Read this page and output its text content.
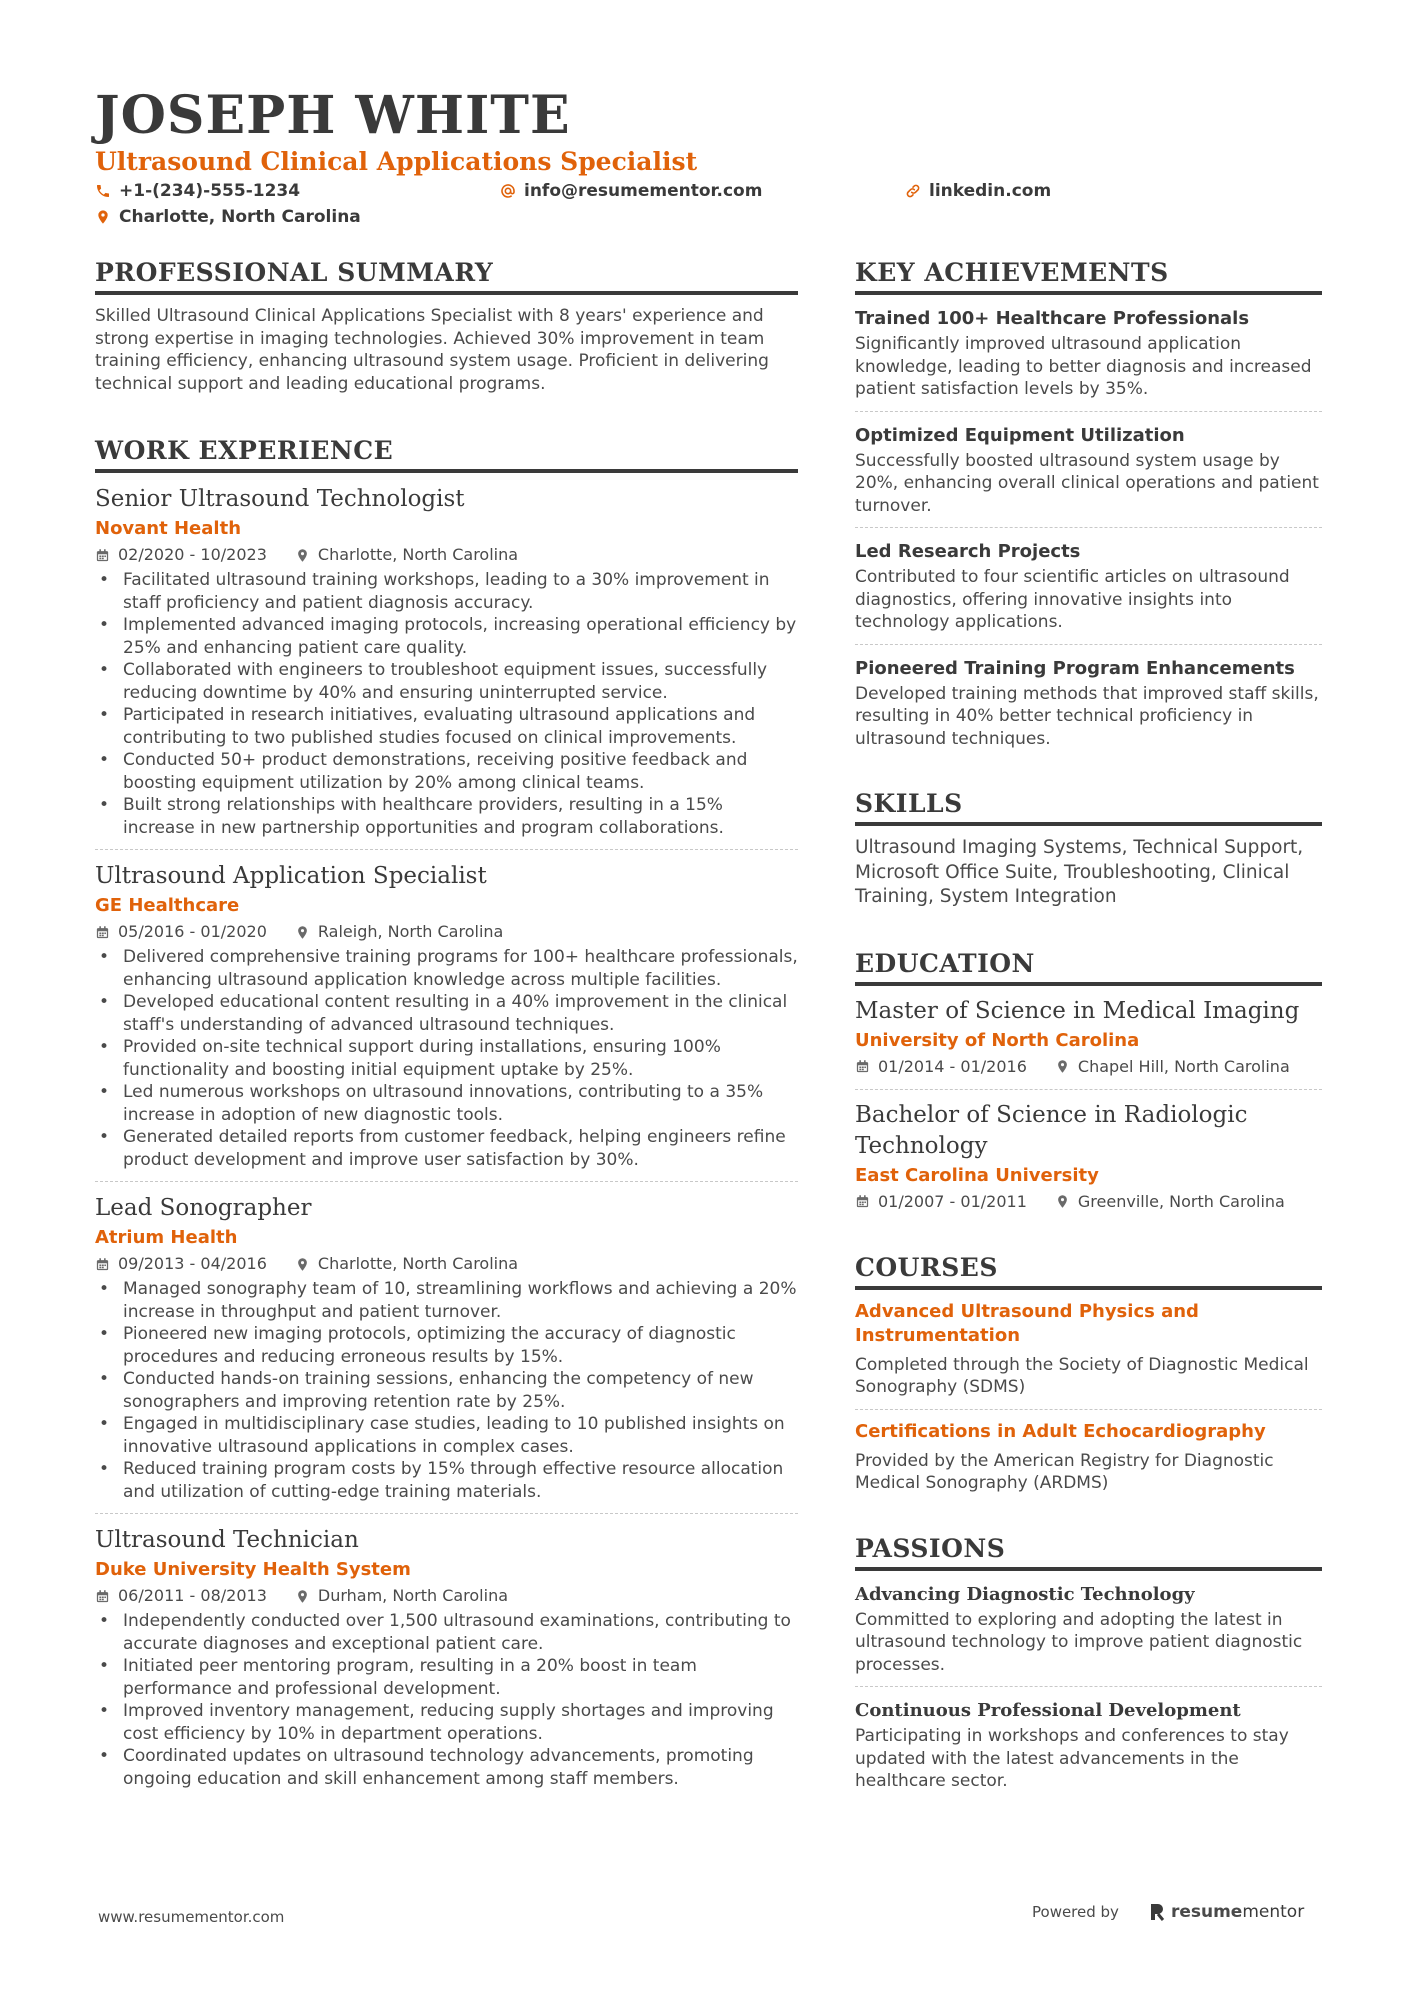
JOSEPH WHITE
Ultrasound Clinical Applications Specialist
+1-(234)-555-1234	info@resumementor.com	linkedin.com
Charlotte, North Carolina
PROFESSIONAL SUMMARY
Skilled Ultrasound Clinical Applications Specialist with 8 years' experience and strong expertise in imaging technologies. Achieved 30% improvement in team training efficiency, enhancing ultrasound system usage. Proficient in delivering technical support and leading educational programs.
WORK EXPERIENCE
Senior Ultrasound Technologist
Novant Health
02/2020 - 10/2023	Charlotte, North Carolina
• Facilitated ultrasound training workshops, leading to a 30% improvement in staff proficiency and patient diagnosis accuracy.
• Implemented advanced imaging protocols, increasing operational efficiency by 25% and enhancing patient care quality.
• Collaborated with engineers to troubleshoot equipment issues, successfully reducing downtime by 40% and ensuring uninterrupted service.
• Participated in research initiatives, evaluating ultrasound applications and contributing to two published studies focused on clinical improvements.
• Conducted 50+ product demonstrations, receiving positive feedback and boosting equipment utilization by 20% among clinical teams.
• Built strong relationships with healthcare providers, resulting in a 15% increase in new partnership opportunities and program collaborations.
Ultrasound Application Specialist
GE Healthcare
05/2016 - 01/2020	Raleigh, North Carolina
• Delivered comprehensive training programs for 100+ healthcare professionals, enhancing ultrasound application knowledge across multiple facilities.
• Developed educational content resulting in a 40% improvement in the clinical staff's understanding of advanced ultrasound techniques.
• Provided on-site technical support during installations, ensuring 100% functionality and boosting initial equipment uptake by 25%.
• Led numerous workshops on ultrasound innovations, contributing to a 35% increase in adoption of new diagnostic tools.
• Generated detailed reports from customer feedback, helping engineers refine product development and improve user satisfaction by 30%.
Lead Sonographer
Atrium Health
09/2013 - 04/2016	Charlotte, North Carolina
• Managed sonography team of 10, streamlining workflows and achieving a 20% increase in throughput and patient turnover.
• Pioneered new imaging protocols, optimizing the accuracy of diagnostic procedures and reducing erroneous results by 15%.
• Conducted hands-on training sessions, enhancing the competency of new sonographers and improving retention rate by 25%.
• Engaged in multidisciplinary case studies, leading to 10 published insights on innovative ultrasound applications in complex cases.
• Reduced training program costs by 15% through effective resource allocation and utilization of cutting-edge training materials.
Ultrasound Technician
Duke University Health System
06/2011 - 08/2013	Durham, North Carolina
• Independently conducted over 1,500 ultrasound examinations, contributing to accurate diagnoses and exceptional patient care.
• Initiated peer mentoring program, resulting in a 20% boost in team performance and professional development.
• Improved inventory management, reducing supply shortages and improving cost efficiency by 10% in department operations.
• Coordinated updates on ultrasound technology advancements, promoting ongoing education and skill enhancement among staff members.
KEY ACHIEVEMENTS
Trained 100+ Healthcare Professionals
Significantly improved ultrasound application knowledge, leading to better diagnosis and increased patient satisfaction levels by 35%.
Optimized Equipment Utilization
Successfully boosted ultrasound system usage by 20%, enhancing overall clinical operations and patient turnover.
Led Research Projects
Contributed to four scientific articles on ultrasound diagnostics, offering innovative insights into technology applications.
Pioneered Training Program Enhancements
Developed training methods that improved staff skills, resulting in 40% better technical proficiency in ultrasound techniques.
SKILLS
Ultrasound Imaging Systems, Technical Support, Microsoft Office Suite, Troubleshooting, Clinical Training, System Integration
EDUCATION
Master of Science in Medical Imaging
University of North Carolina
01/2014 - 01/2016	Chapel Hill, North Carolina
Bachelor of Science in Radiologic Technology
East Carolina University
01/2007 - 01/2011	Greenville, North Carolina
COURSES
Advanced Ultrasound Physics and Instrumentation
Completed through the Society of Diagnostic Medical Sonography (SDMS)
Certifications in Adult Echocardiography
Provided by the American Registry for Diagnostic Medical Sonography (ARDMS)
PASSIONS
Advancing Diagnostic Technology
Committed to exploring and adopting the latest in ultrasound technology to improve patient diagnostic processes.
Continuous Professional Development
Participating in workshops and conferences to stay updated with the latest advancements in the healthcare sector.
www.resumementor.com	Powered by	resume mentor
